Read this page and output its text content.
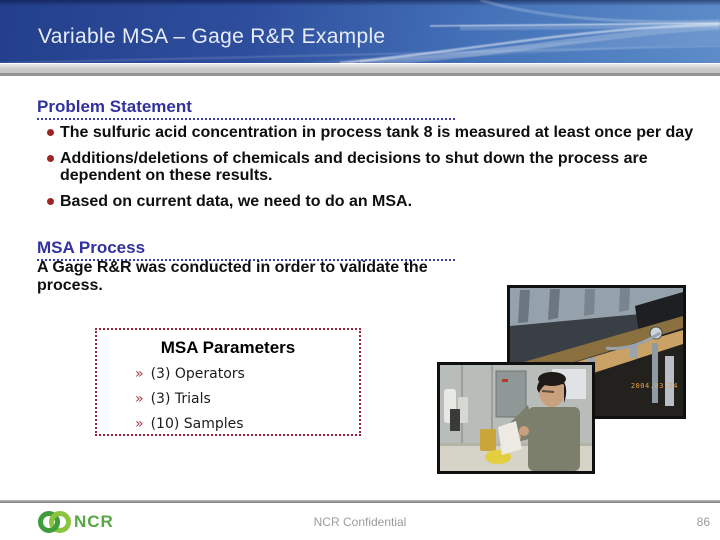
Variable MSA – Gage R&R Example
Problem Statement
The sulfuric acid concentration in process tank 8 is measured at least once per day
Additions/deletions of chemicals and decisions to shut down the process are dependent on these results.
Based on current data, we need to do an MSA.
MSA Process
A Gage R&R was conducted in order to validate the process.
MSA Parameters
» (3) Operators
» (3) Trials
» (10) Samples
2004.03.24
NCR	NCR Confidential	86
